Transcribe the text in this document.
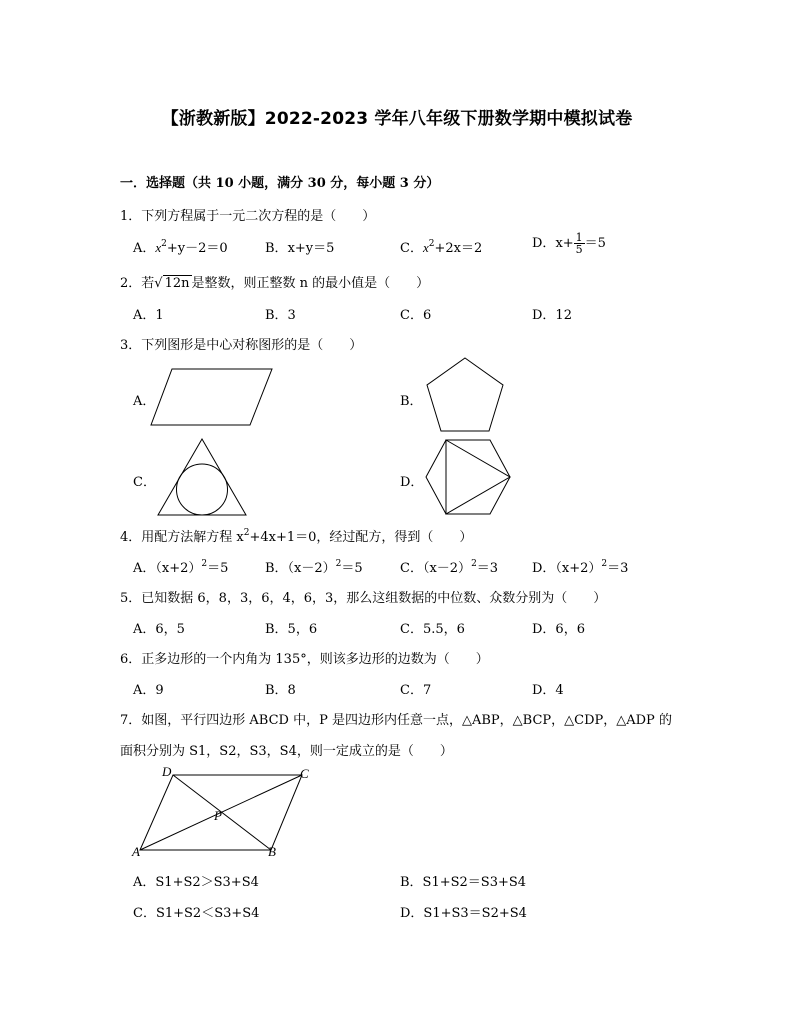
【浙教新版】2022-2023 学年八年级下册数学期中模拟试卷
一．选择题（共 10 小题，满分 30 分，每小题 3 分）
1．下列方程属于一元二次方程的是（　　）
A．$x^2+y-2=0$	B．x+y＝5	C．$x^2+2x=2$	D．$x+ \frac{1}{5} =5$
2．若√ 12n 是整数，则正整数 n 的最小值是（　　）
A．1	B．3	C．6	D．12
3．下列图形是中心对称图形的是（　　）
A．	B．
C．	D．
4．用配方法解方程 $x^2+4x+1=0$，经过配方，得到（　　）
A．$(x+2)^2=5$	B．$(x-2)^2=5$	C．$(x-2)^2=3$	D．$(x+2)^2=3$
5．已知数据 6，8，3，6，4，6，3，那么这组数据的中位数、众数分别为（　　）
A．6，5	B．5，6	C．5.5，6	D．6，6
6．正多边形的一个内角为 135°，则该多边形的边数为（　　）
A．9	B．8	C．7	D．4
7．如图，平行四边形 ABCD 中，P 是四边形内任意一点，△ABP，△BCP，△CDP，△ADP 的
面积分别为 S1，S2，S3，S4，则一定成立的是（　　）
D	C
A	B
P
A．S1+S2＞S3+S4	B．S1+S2＝S3+S4
C．S1+S2＜S3+S4	D．S1+S3＝S2+S4
